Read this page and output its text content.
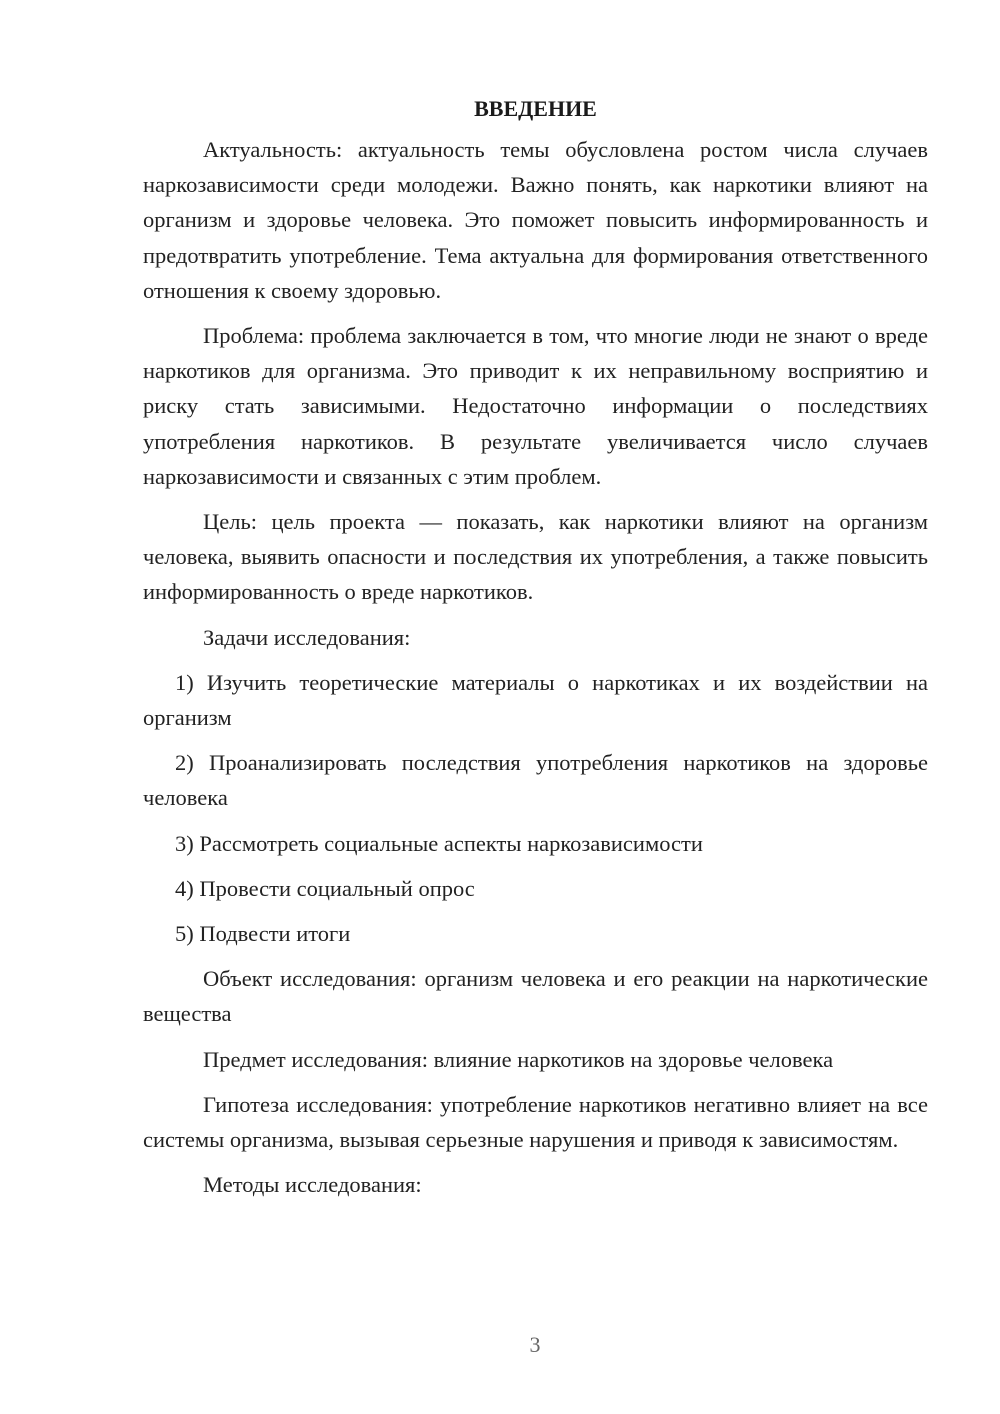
ВВЕДЕНИЕ

Актуальность: актуальность темы обусловлена ростом числа случаев наркозависимости среди молодежи. Важно понять, как наркотики влияют на организм и здоровье человека. Это поможет повысить информированность и предотвратить употребление. Тема актуальна для формирования ответственного отношения к своему здоровью.

Проблема: проблема заключается в том, что многие люди не знают о вреде наркотиков для организма. Это приводит к их неправильному восприятию и риску стать зависимыми. Недостаточно информации о последствиях употребления наркотиков. В результате увеличивается число случаев наркозависимости и связанных с этим проблем.

Цель: цель проекта — показать, как наркотики влияют на организм человека, выявить опасности и последствия их употребления, а также повысить информированность о вреде наркотиков.

Задачи исследования:

1) Изучить теоретические материалы о наркотиках и их воздействии на организм

2) Проанализировать последствия употребления наркотиков на здоровье человека

3) Рассмотреть социальные аспекты наркозависимости

4) Провести социальный опрос

5) Подвести итоги

Объект исследования: организм человека и его реакции на наркотические вещества

Предмет исследования: влияние наркотиков на здоровье человека

Гипотеза исследования: употребление наркотиков негативно влияет на все системы организма, вызывая серьезные нарушения и приводя к зависимостям.

Методы исследования:

3
